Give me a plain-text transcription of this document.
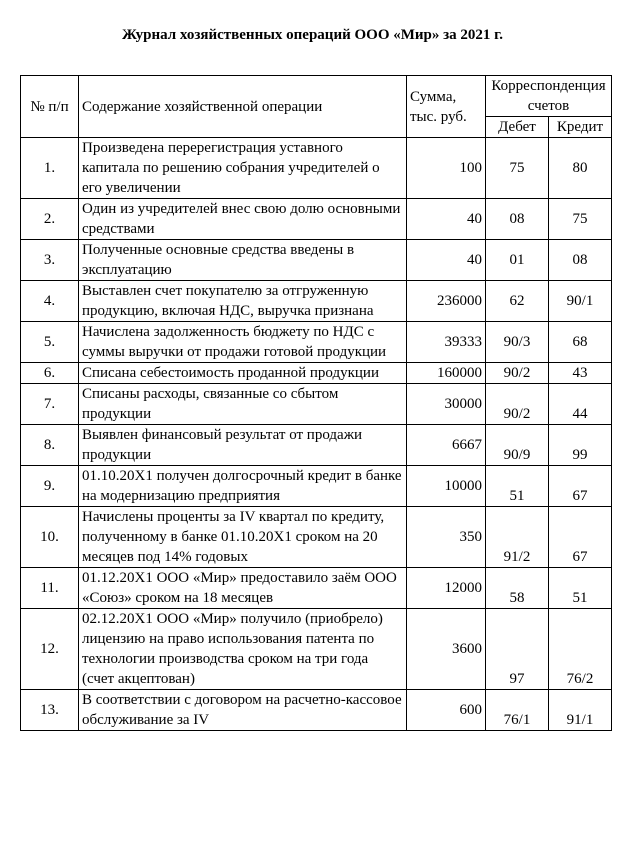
Журнал хозяйственных операций ООО «Мир» за 2021 г.
№ п/п	Содержание хозяйственной операции	Сумма, тыс. руб.	Корреспонденция счетов	
			Дебет	Кредит
1.	Произведена перерегистрация уставного капитала по решению собрания учредителей о его увеличении	100	75	80
2.	Один из учредителей внес свою долю основными средствами	40	08	75
3.	Полученные основные средства введены в эксплуатацию	40	01	08
4.	Выставлен счет покупателю за отгруженную продукцию, включая НДС, выручка признана	236000	62	90/1
5.	Начислена задолженность бюджету по НДС с суммы выручки от продажи готовой продукции	39333	90/3	68
6.	Списана себестоимость проданной продукции	160000	90/2	43
7.	Списаны расходы, связанные со сбытом продукции	30000	90/2	44
8.	Выявлен финансовый результат от продажи продукции	6667	90/9	99
9.	01.10.20Х1 получен долгосрочный кредит в банке на модернизацию предприятия	10000	51	67
10.	Начислены проценты за IV квартал по кредиту, полученному в банке 01.10.20Х1 сроком на 20 месяцев под 14% годовых	350	91/2	67
11.	01.12.20Х1 ООО «Мир» предоставило заём ООО «Союз» сроком на 18 месяцев	12000	58	51
12.	02.12.20Х1 ООО «Мир» получило (приобрело) лицензию на право использования патента по технологии производства сроком на три года (счет акцептован)	3600	97	76/2
13.	В соответствии с договором на расчетно-кассовое обслуживание за IV	600	76/1	91/1
